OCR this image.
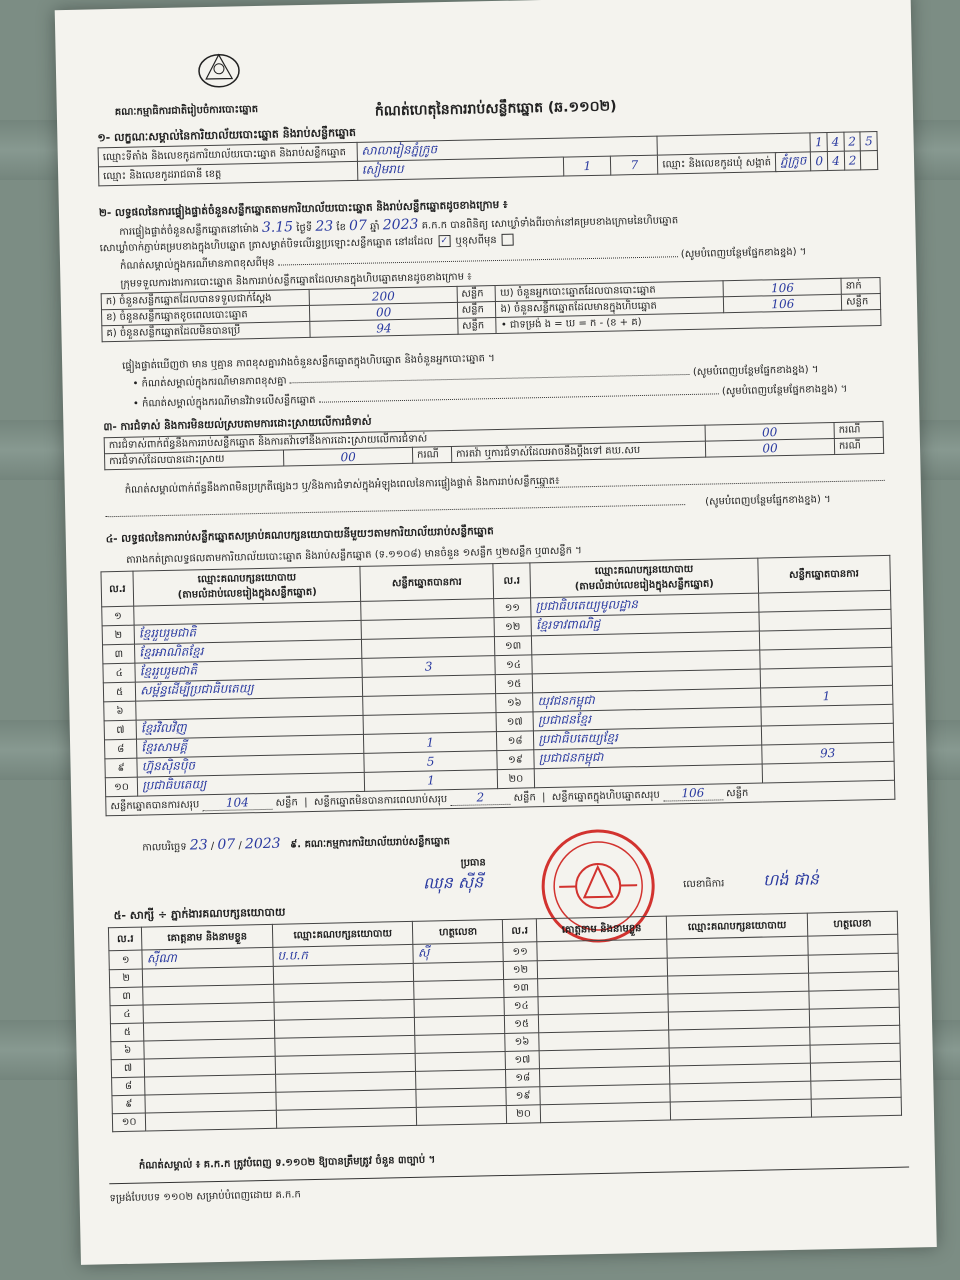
គណៈកម្មាធិការជាតិរៀបចំការបោះឆ្នោត	កំណត់ហេតុនៃការរាប់សន្លឹកឆ្នោត (ឆ.១១០២)
១- លក្ខណៈសម្គាល់នៃការិយាល័យបោះឆ្នោត និងរាប់សន្លឹកឆ្នោត
ឈ្មោះទីតាំង និងលេខកូដការិយាល័យបោះឆ្នោត និងរាប់សន្លឹកឆ្នោត	សាលារៀនភ្នំក្រូច					1	4	2	5
ឈ្មោះ និងលេខកូដរាជធានី ខេត្ត	សៀមរាប	1	7	ឈ្មោះ និងលេខកូដឃុំ សង្កាត់	ភ្នំក្រូច	0	4	2	
២- លទ្ធផលនៃការផ្ទៀងផ្ទាត់ចំនួនសន្លឹកឆ្នោតតាមការិយាល័យបោះឆ្នោត និងរាប់សន្លឹកឆ្នោតដូចខាងក្រោម ៖
ការផ្ទៀងផ្ទាត់ចំនួនសន្លឹកឆ្នោតនៅម៉ោង 3.15 ថ្ងៃទី 23 ខែ 07 ឆ្នាំ 2023 គ.ក.ក បានពិនិត្យ សោឃ្លាំទាំងពីរចាក់នៅគម្របខាងក្រោមនៃហិបឆ្នោត
សោឃ្លាំចាក់ភ្ជាប់គម្របខាងក្នុងហិបឆ្នោត ត្រាសម្ងាត់បិទលើរន្ធប្រឡោះសន្លឹកឆ្នោត នៅដដែល ✓ ឬខុសពីមុន
កំណត់សម្គាល់ក្នុងករណីមានភាពខុសពីមុន  (សូមបំពេញបន្ថែមផ្នែកខាងខ្នង) ។
ក្រុមទទួលការងារការបោះឆ្នោត និងការរាប់សន្លឹកឆ្នោតដែលមានក្នុងហិបឆ្នោតមានដូចខាងក្រោម ៖
ក) ចំនួនសន្លឹកឆ្នោតដែលបានទទួលជាក់ស្តែង	200	សន្លឹក	ឃ) ចំនួនអ្នកបោះឆ្នោតដែលបានបោះឆ្នោត	106	នាក់
ខ) ចំនួនសន្លឹកឆ្នោតខូចពេលបោះឆ្នោត	00	សន្លឹក	ង) ចំនួនសន្លឹកឆ្នោតដែលមានក្នុងហិបឆ្នោត	106	សន្លឹក
គ) ចំនួនសន្លឹកឆ្នោតដែលមិនបានប្រើ	94	សន្លឹក	• ជាទម្រង់ ង = ឃ = ក - (ខ + គ)		
ផ្ទៀងផ្ទាត់ឃើញថា មាន ឬគ្មាន ភាពខុសគ្នារវាងចំនួនសន្លឹកឆ្នោតក្នុងហិបឆ្នោត និងចំនួនអ្នកបោះឆ្នោត ។
• កំណត់សម្គាល់ក្នុងករណីមានភាពខុសគ្នា  (សូមបំពេញបន្ថែមផ្នែកខាងខ្នង) ។
• កំណត់សម្គាល់ក្នុងករណីមានវិវាទលើសន្លឹកឆ្នោត  (សូមបំពេញបន្ថែមផ្នែកខាងខ្នង) ។
៣- ការជំទាស់ និងការមិនយល់ស្របតាមការដោះស្រាយលើការជំទាស់
ការជំទាស់ពាក់ព័ន្ធនឹងការរាប់សន្លឹកឆ្នោត និងការតវ៉ាទៅនឹងការដោះស្រាយលើការជំទាស់				00	ករណី
ការជំទាស់ដែលបានដោះស្រាយ	00	ករណី	ការតវ៉ា ឬការជំទាស់ដែលអាចនឹងប្តឹងទៅ គឃ.សប	00	ករណី
កំណត់សម្គាល់ពាក់ព័ន្ធនឹងភាពមិនប្រក្រតីផ្សេងៗ ឬ/និងការជំទាស់ក្នុងអំឡុងពេលនៃការផ្ទៀងផ្ទាត់ និងការរាប់សន្លឹកឆ្នោត៖
(សូមបំពេញបន្ថែមផ្នែកខាងខ្នង) ។
៤- លទ្ធផលនៃការរាប់សន្លឹកឆ្នោតសម្រាប់គណបក្សនយោបាយនីមួយៗតាមការិយាល័យរាប់សន្លឹកឆ្នោត
តារាងកត់ត្រាលទ្ធផលតាមការិយាល័យបោះឆ្នោត និងរាប់សន្លឹកឆ្នោត (ទ.១១០៨) មានចំនួន ១សន្លឹក ឬ២សន្លឹក ឬ៣សន្លឹក ។
ល.រ	ឈ្មោះគណបក្សនយោបាយ
(តាមលំដាប់លេខរៀងក្នុងសន្លឹកឆ្នោត)	សន្លឹកឆ្នោតបានការ	ល.រ	ឈ្មោះគណបក្សនយោបាយ
(តាមលំដាប់លេខរៀងក្នុងសន្លឹកឆ្នោត)	សន្លឹកឆ្នោតបានការ
១			១១	ប្រជាធិបតេយ្យមូលដ្ឋាន	
២	ខ្មែររួបរួមជាតិ		១២	ខ្មែរទាវពាណិជ្ជ	
៣	ខ្មែរអាណិតខ្មែរ		១៣		
៤	ខ្មែររួបរួមជាតិ	3	១៤		
៥	សម្ព័ន្ធដើម្បីប្រជាធិបតេយ្យ		១៥		
៦			១៦	យុវជនកម្ពុជា	1
៧	ខ្មែរវិលវិញ		១៧	ប្រជាជនខ្មែរ	
៨	ខ្មែរសាមគ្គី	1	១៨	ប្រជាធិបតេយ្យខ្មែរ	
៩	ហ្វ៊ុនស៊ិនប៉ិច	5	១៩	ប្រជាជនកម្ពុជា	93
១០	ប្រជាធិបតេយ្យ	1	២០		
សន្លឹកឆ្នោតបានការសរុប 104 សន្លឹក  |  សន្លឹកឆ្នោតមិនបានការពេលរាប់សរុប 2 សន្លឹក  |  សន្លឹកឆ្នោតក្នុងហិបឆ្នោតសរុប 106 សន្លឹក					
កាលបរិច្ឆេទ 23 / 07 / 2023 ៩. គណៈកម្មការការិយាល័យរាប់សន្លឹកឆ្នោត
ប្រធាន
ឈុន ស៊ីនី	លេខាធិការ ហង់ ផាន់
៥- សាក្សី ÷ ភ្នាក់ងារគណបក្សនយោបាយ
ល.រ	គោត្តនាម និងនាមខ្លួន	ឈ្មោះគណបក្សនយោបាយ	ហត្ថលេខា	ល.រ	គោត្តនាម និងនាមខ្លួន	ឈ្មោះគណបក្សនយោបាយ	ហត្ថលេខា
១	ស៊ីណា	ប.ប.ក	ស៊ី	១១			
២				១២			
៣				១៣			
៤				១៤			
៥				១៥			
៦				១៦			
៧				១៧			
៨				១៨			
៩				១៩			
១០				២០			
កំណត់សម្គាល់ ៖ គ.ក.ក ត្រូវបំពេញ ទ.១១០២ ឱ្យបានត្រឹមត្រូវ ចំនួន ៣ច្បាប់ ។
ទម្រង់បែបបទ ១១០២ សម្រាប់បំពេញដោយ គ.ក.ក
